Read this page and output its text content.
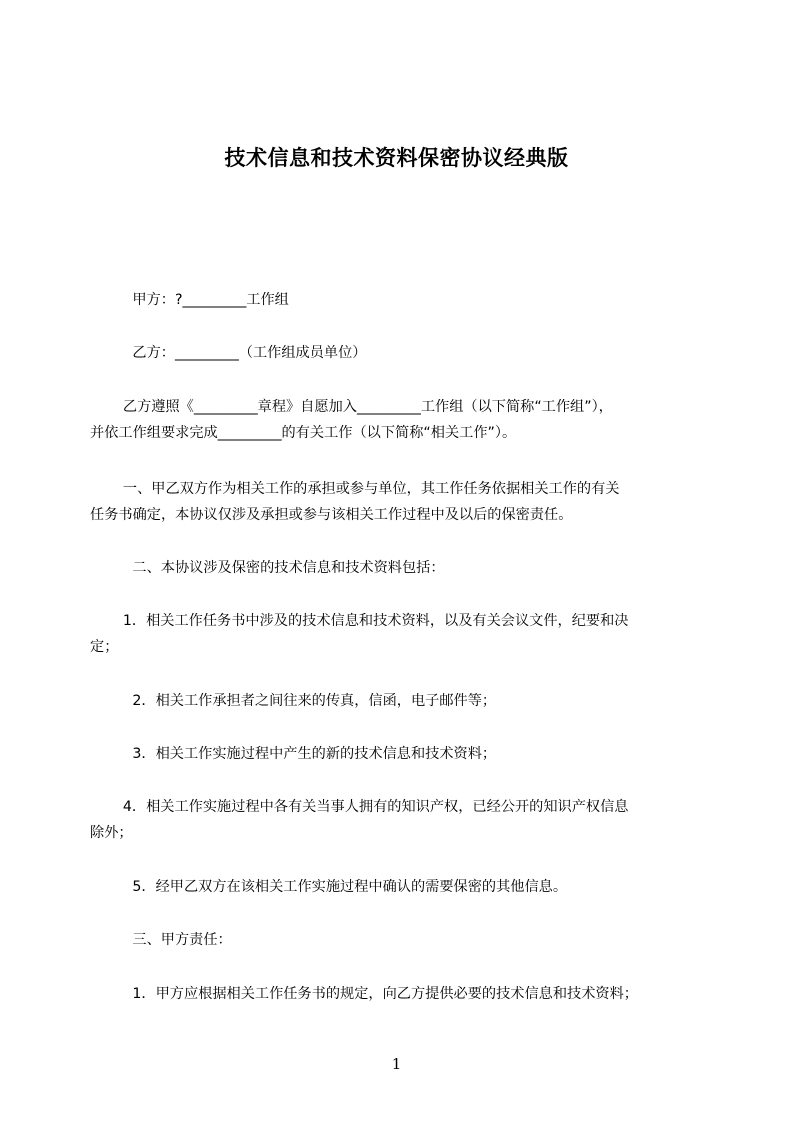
技术信息和技术资料保密协议经典版
　　甲方：?_________工作组
　　乙方：_________（工作组成员单位）
　　 乙方遵照《_________章程》自愿加入_________工作组（以下简称“工作组”），
并依工作组要求完成_________的有关工作（以下简称“相关工作”）。
　　 一、甲乙双方作为相关工作的承担或参与单位，其工作任务依据相关工作的有关
任务书确定，本协议仅涉及承担或参与该相关工作过程中及以后的保密责任。
　　二、本协议涉及保密的技术信息和技术资料包括：
　　 1．相关工作任务书中涉及的技术信息和技术资料，以及有关会议文件，纪要和决
定；
　　2．相关工作承担者之间往来的传真，信函，电子邮件等；
　　3．相关工作实施过程中产生的新的技术信息和技术资料；
　　 4．相关工作实施过程中各有关当事人拥有的知识产权，已经公开的知识产权信息
除外；
　　5．经甲乙双方在该相关工作实施过程中确认的需要保密的其他信息。
　　三、甲方责任：
　　1．甲方应根据相关工作任务书的规定，向乙方提供必要的技术信息和技术资料；
1
